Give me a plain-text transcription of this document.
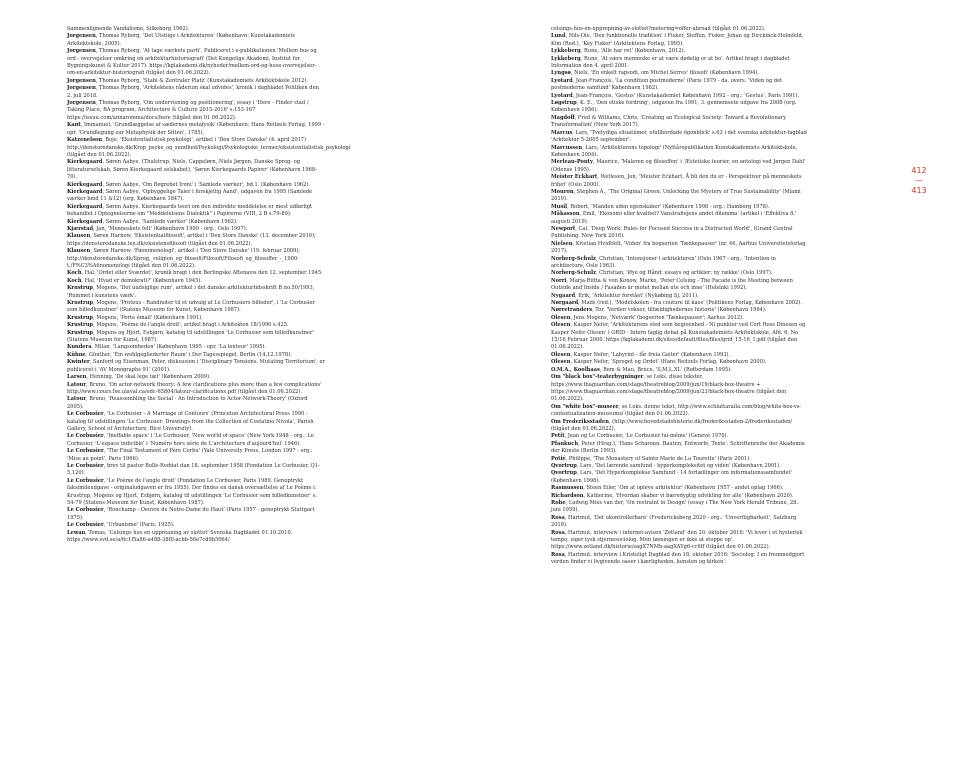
Sammenlignende Vandalisme, Silkeborg 1962).

Jorgensen, Thomas Ryborg, 'Det Utstiige i Arkitekturen' (København: Kunstakademiets Arkitektskole, 2005).

Jorgensen, Thomas Ryborg, 'At tage værkets parti'. Publiceret i e-publikationen 'Mellem hus og ord - overvejelser omkring en arkitekturhistoriografi' (Det Kongelige Akademi, Institut for Bygningskunst & Kultur 2017). https://kglakademi.dk/nyheder/mellem-ord-og-huse-overvejelser-om-en-arkitektur-historiografi (tilgået den 01.06.2022).

Jorgensen, Thomas Ryborg, 'Stabi & Zentraler Platz' (Kunstakademiets Arkitektskole 2012).

Jorgensen, Thomas Ryborg, 'Arkitektens råderum skal udvides', kronik i dagbladet Politiken den 2. juli 2018.

Jorgensen, Thomas Ryborg, 'Om undervisning og positionering', essay i 'Here - Finder stad / Taking Place, BA program, Architecture & Culture 2015-2016' s.153-167 https://issuu.com/annaromma/docs/here (tilgået den 01.06.2022).

Kant, Immanuel, 'Grundlæggelse af sædernes metafysik' (København: Hans Reitzels Forlag, 1999 - opr. 'Grundlegung zur Metaphysik der Sitten', 1785).

Katzenelson, Boje, 'Eksistentialistisk psykologi', artikel i 'Den Store Danske' (4. april 2017) http://denstoredanske.dk/Krop_psyke_og_sundhed/Psykologi/Psykologiske_termer/eksistentialistisk_psykologi (tilgået den 01.06.2022).

Kierkegaard, Søren Aabye, (Thulstrup, Niels, Cappelørn, Niels Jørgen, Danske Sprog- og litteraturselskab, Søren Kierkegaard selskabet), 'Søren Kierkegaards Papirer' (København 1968-70).

Kierkegaard, Søren Aabye, 'Om Begrebet Ironi' i 'Samlede værker', bd.1. (København 1962).

Kierkegaard, Søren Aabye, 'Opbyggelige Taler i forskjellig Aand', udgaven fra 1995 (Samlede værker bind 11 &12) (org. København 1847).

Kierkegaard, Søren Aabye. Kierkegaards teori om den indirekte meddelelse er mest udførligt behandlet i Optegnelserne om "Meddelelsens Dialektik" i Papirerne (VIII, 2 B s.79-89).

Kierkegaard, Søren Aabye, 'Samlede værker' (København 1962).

Kjærstad, Jan, 'Menneskets felt' (København 1999 - org.: Oslo 1997).

Klausen, Søren Harnow, 'Eksistentialfilosofi', artikel i 'Den Store Danske' (13. december 2016); https://denstoredanske.lex.dk/eksistensfilosofi (tilgået den 01.06.2022).

Klausen, Søren Harnow, 'Fænomenologi', artikel i 'Den Store Danske' (19. februar 2009); http://denstoredanske.dk/Sprog,_religion_og_filosofi/Filosofi/Filosofi_og_filosoffer_-_1900-t./F%C3%A6nomenologi (tilgået den 01.06.2022).

Koch, Hal, 'Ordet eller Sværdet', kronik bragt i den Berlingske Aftenavis den 12. september 1945.

Koch, Hal, 'Hvad er demokrati?' (København 1945).

Krustrup, Mogens, 'Det uudsiglige rum', artikel i det danske arkitekturtidsskrift B no.50/1993, 'Rummet i kunstens værk'.

Krustrup, Mogens, 'Proteus - Randnoter til et udvalg af Le Corbusiers billeder', i 'Le Corbusier som billedkunstner' (Statens Museum for Kunst, København 1987).

Krustrup, Mogens, 'Porte émail' (København 1991).

Krustrup, Mogens, 'Poème de l'angle droit', artikel bragt i Arkitekten 18/1990 s.425.

Krustrup, Mogens og Hjort, Esbjørn, katalog til udstillingen 'Le Corbusier som billedkunstner' (Statens Museum for Kunst, 1987).

Kundera, Milan, 'Langsomheden' (København 1995 - opr. 'La lenteur' 1995).

Kühne, Günther, 'Ein wohlgegliederter Raum' i Der Tagesspiegel, Berlin (14.12.1978).

Kwinter, Sanford og Eisenman, Peter, diskussion i 'Disciplinary Tensions. Mutating Territorium', er publiceret i 'AV Monographs 91' (2001).

Larsen, Henning, 'De skal lege tæt' (København 2009).

Latour, Bruno, 'On actor-network theory: A few clarifications plus more than a few complications' http://www.cours.fse.ulaval.ca/edc-65804/latour-clarifications.pdf (tilgået den 01.06.2022).

Latour, Bruno, 'Reassembling the Social - An Introduction to Actor-Network-Theory' (Oxford 2005).

Le Corbusier, 'Le Corbusier - A Marriage of Contours' (Princeton Architectural Press 1990 - katalog til udstillingen 'Le Corbusier: Drawings from the Collection of Costatino Nivola', Parish Gallery, School of Architecture, Rice University).

Le Corbusier, 'Ineffable space' i 'Le Corbusier, 'New world of space' (New York 1948 - org.: Le Corbusier, 'L'espace indicible' i 'Numéro hors série de L'architecture d'aujourd'hui' 1946).

Le Corbusier, 'The Final Testament of Père Corbu' (Yale University Press, London 1997 - org.: 'Mise au point', Paris 1966).

Le Corbusier, brev til pastor Bolle-Reddat dan 18. september 1958 (Fondation Le Corbusier, Q1-5,120).

Le Corbusier, 'Le Poème de l'angle droit' (Fondation Le Corbusier, Paris 1989. Genoptrykt faksimileudgave - originaludgaven er fra 1955). Der findes en dansk oversættelse af Le Poème i: Krustrup, Mogens og Hjort, Esbjørn, katalog til udstillingen 'Le Corbusier som billedkunstner' s. 54-79 (Statens Museum for Kunst, København 1987).

Le Corbusier, 'Ronchamp - Oeuvre de Notre-Dame du Haut' (Paris 1957 - genoptrykt Stuttgart 1975).

Le Corbusier, 'Urbanisme' (Paris, 1925).

Lewan, Tomas, 'Celsings hus en uppreaning av slottet' Svenska Dagbladet 01.10.2010. https://www.svd.se/a/6c1f5a86-a488-38f0-acbb-56e7cd9b5064/

celsings-hus-en-upprepning-av-slottet?metering=offer-abroad (tilgået 01.06.2022).

Lund, Nils-Ole, 'Den funktionelle tradition' i Fisker, Steffen, Fisker, Johan og Dirckinck-Holmfeld, Kim (Red.), 'Key Fisker' (Arkitektens Forlag, 1995).

Lykkeberg, Rune, 'Alle har ret' (København, 2012).

Lykkeberg, Rune, 'At være menneske er at være dødelig er at bo'. Artikel bragt i dagbladet Information den 4. april 2001.

Lyngsø, Niels, 'En enkelt rapsodi, om Michel Serres' filosofi' (København 1994).

Lyotard, Jean-François, 'La condition postmoderne' (Paris 1979 - da. overs. 'Viden og det postmoderne samfund' København 1982).

Lyotard, Jean-François, 'Gestus' (Kunstakademiet København 1992 - org.: 'Gestus', Paris 1991).

Løgstrup, K. E., 'Den etiske fordring', udgaven fra 1991, 3. gennemsete udgave fra 2008 (org. København 1956).

Magdoff, Fred & Williams, Chris, 'Creating an Ecological Society: Toward a Revolutionary Transformation' (New York 2017).

Marcus, Lars, 'Tvetydiga situationer, ofullbordade ögonblick' s.63 i det svenska arkitektur-fagblad 'Arkitektur 5-2005 september'.

Marcussen, Lars, 'Arkitekturens topologi' (Nyttårspublikation Kunstakademiets Arkitektskole, København 2004).

Merleau-Ponty, Maurice, 'Maleren og filosoffen' i 'Æstetiske teorier, en antologi ved Jørgen Dahl' (Odense 1995).

Meister Eckhart, Wetlesen, Jon, 'Meister Eckhart, Å bli den du er - Perspektiver på menneskets frihet' (Oslo 2000).

Mouron, Stephen A., 'The Original Green: Unlocking the Mystery of True Sustainability' (Miami 2010).

Musil, Robert, 'Manden uden egenskaber' (København 1998 - org.: Hamborg 1978).

Måkasson, Emil, 'Ekonomi eller kvalitet? Vanstrafiejens andet dilemma' (artikel i 'Effektiva 8.' augusti 2019).

Newport, Cal, 'Deep Work: Rules for Focused Success in a Distracted World', (Grand Central Publishing, New York 2016).

Nielsen, Kristian Hvidtfelt, 'Viden' fra bogserien 'Tænkepauser' (nr. 46, Aarhus Universitetsforlag 2017).

Norberg-Schulz, Christian, 'Intensjoner i arkitekturen' (Oslo 1967 - org.: 'Intention in architecture, Oslo 1963).

Norberg-Schulz, Christian, 'Øye og Hånd: essays og artikler: ny række' (Oslo 1997).

Norri, Marja-Riitta & von Konow, Marko, 'Peter Celsing - The Facade is the Meeting between Outside and Inside / Fasaden är motet mellan ute och inne' (Helsinki 1992).

Nygaard, Erik, 'Arkitektur forstået' (Nykøbing Sj. 2011).

Nørgaard, Mads (red.), 'Modelskolen - fra couture til kaos' (Politikens Forlag, København 2002).

Nørretranders, Tor, 'Verden vokser, tilfældighedernes historie' (København 1994).

Olesen, Jens Mogens, 'Netværk' (bogserien 'Tænkepauser'; Aarhus 2012).

Olesen, Kasper Nefer, 'Arkitekturens sted som begivenhed - Ni punkter ved Cort Ross Dinesen og Kasper Nefer Olesen' i GRID - Intern faglig debat på Kunstakademiets Arkitektskole, Afd. 6, No 15/16 Februar 2000. https://kglakademi.dk/sites/default/files/files/grid_15-16_1.pdf (tilgået den 01.06.2022).

Olesen, Kasper Nefer, 'Labyrint - får freia Gaiter' (København 1993).

Olesen, Kasper Nefer, 'Sproget og Ordet' (Hans Reitzels Forlag, København 2000).

O.M.A., Koolhaas, Rem & Mau, Bruce, 'S,M,L,XL' (Rotterdam 1995).

Om "black box"-teaterbygninger, se f.eks. disse tekster, https://www.thaguardian.com/stage/theatreblog/2009/jun/19/black-box-theatre + https://www.thaguardian.com/stage/theatreblog/2009/jun/23/black-box-theatre (tilgået den 01.06.2022).

Om "white box"-museer, se f.eks. denne tekst, http://www.schlattaralla.com/blog/white-box-vs-contextualization-museums/ (tilgået den 01.06.2022).

Om Frederiksstaden, (http://www.hovedstadshistorie.dk/frederiksstaden-2/frederiksstaden/ (tilgået den 01.06.2022).

Petit, Jean og Le Corbusier, 'Le Corbusier lui-même' (Geneve 1970).

Pfankuch, Peter (Hrsg.), 'Hans Scharoun. Bauten, Entwurfe, Texte'. Schriftenreihe der Akademie der Künste (Berlin 1993).

Potié, Philippe, 'The Monastery of Sainte Marie de La Tourette' (Paris 2001).

Qvortrup, Lars, 'Det lærende samfund - hyperkompleksitet og viden' (København 2001).

Qvortrup, Lars, 'Det Hyperkomplekse Samfund - 14 fortællinger om informationssamfundet' (København 1998).

Rasmussen, Steen Eiler, 'Om at opleve arkitektur' (København 1957 - andet oplag 1966).

Richardson, Katherine, 'Hvordan skaber vi bæredygtig udvikling for alle' (København 2020).

Rohe, Ludwig Mies van der, 'On restraint in Design' (essay i The New York Herald Tribune, 28. juni 1959).

Rosa, Hartmut, 'Det ukontrollerbare' (Fredericksberg 2020 - org.: 'Unverfügbarkeit', Salzburg 2018).

Rosa, Hartmut, interview i internet-avisen 'Zetland' den 20. oktober 2016: 'Vi lever i et hysterisk tempo, siger tysk stjernesociolog. Men løsningen er ikke at stoppe op'. https://www.zetland.dk/historie/sagX7NMb-aagXAYg6-cc6ff (tilgået den 01.06.2022).

Rosa, Hartmut, interview i Kristeligt Dagblad den 18. oktober 2016: 'Sociolog: I en fremmedgjort verden finder vi livgivende oaser i kærligheden, kunsten og kirken'.

412
—
413
